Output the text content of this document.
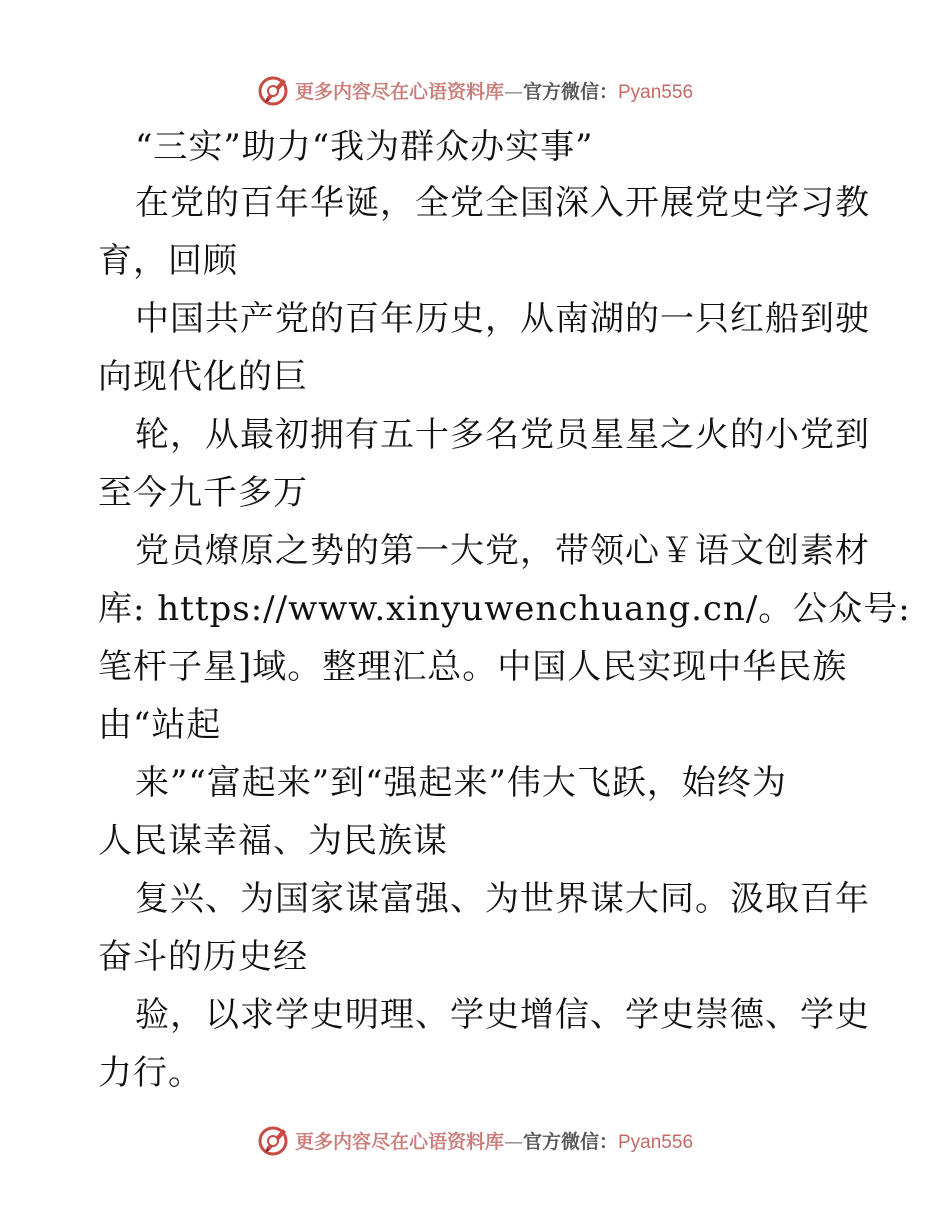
更多内容尽在心语资料库—官方微信：Pyan556
“三实”助力“我为群众办实事”
在党的百年华诞，全党全国深入开展党史学习教
育，回顾
中国共产党的百年历史，从南湖的一只红船到驶
向现代化的巨
轮，从最初拥有五十多名党员星星之火的小党到
至今九千多万
党员燎原之势的第一大党，带领心￥语文创素材
库: https://www.xinyuwenchuang.cn/。公众号:
笔杆子星]域。整理汇总。中国人民实现中华民族
由“站起
来”“富起来”到“强起来”伟大飞跃，始终为
人民谋幸福、为民族谋
复兴、为国家谋富强、为世界谋大同。汲取百年
奋斗的历史经
验，以求学史明理、学史增信、学史崇德、学史
力行。
更多内容尽在心语资料库—官方微信：Pyan556
